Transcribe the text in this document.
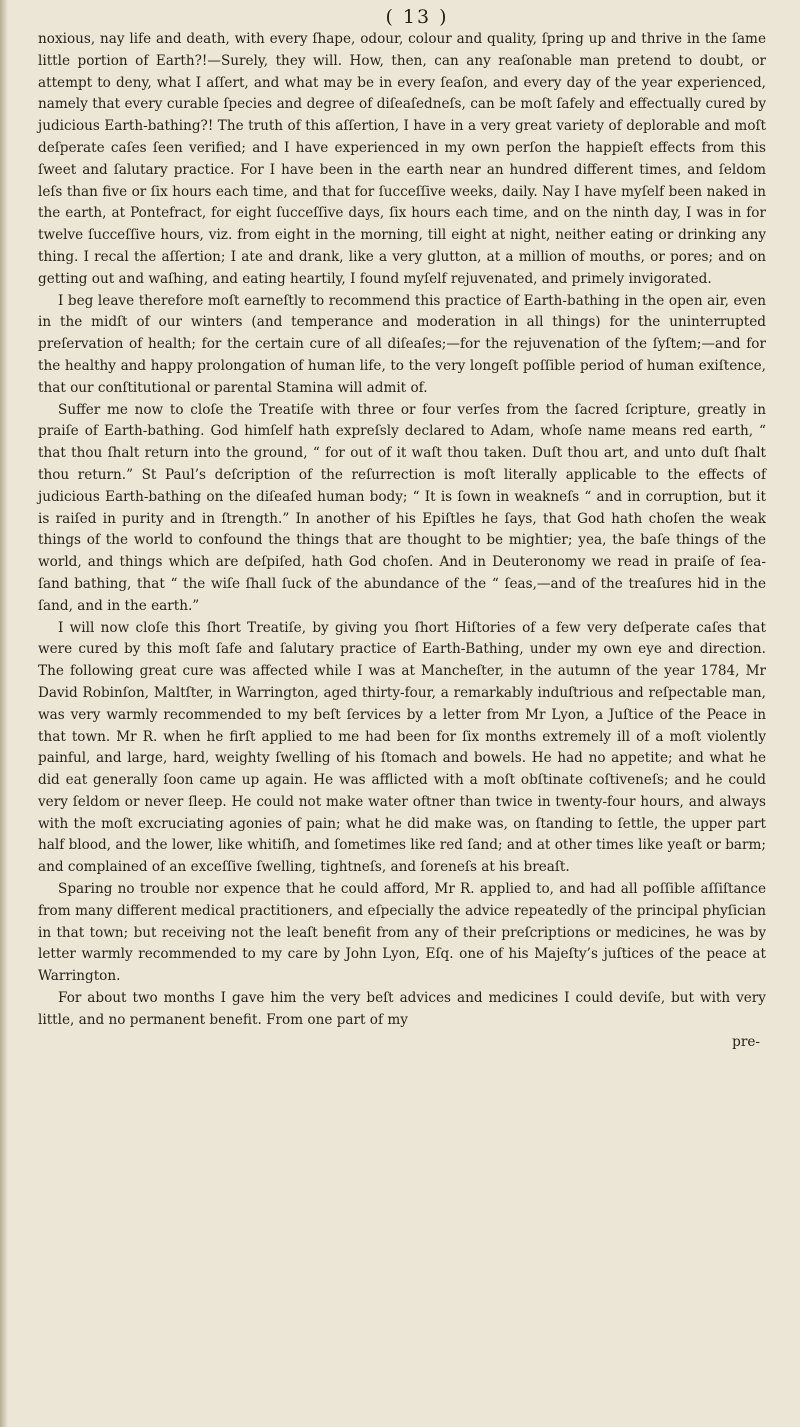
( 13 )

noxious, nay life and death, with every ſhape, odour, colour and quality, ſpring up and thrive in the ſame little portion of Earth?!—Surely, they will. How, then, can any reaſonable man pretend to doubt, or attempt to deny, what I aſſert, and what may be in every ſeaſon, and every day of the year experienced, namely that every curable ſpecies and degree of diſeaſedneſs, can be moſt ſafely and effectually cured by judicious Earth-bathing?! The truth of this aſſertion, I have in a very great variety of deplorable and moſt deſperate caſes ſeen verified; and I have experienced in my own perſon the happieſt effects from this ſweet and ſalutary practice. For I have been in the earth near an hundred different times, and ſeldom leſs than five or ſix hours each time, and that for ſucceſſive weeks, daily. Nay I have myſelf been naked in the earth, at Pontefract, for eight ſucceſſive days, ſix hours each time, and on the ninth day, I was in for twelve ſucceſſive hours, viz. from eight in the morning, till eight at night, neither eating or drinking any thing. I recal the aſſertion; I ate and drank, like a very glutton, at a million of mouths, or pores; and on getting out and waſhing, and eating heartily, I found myſelf rejuvenated, and primely invigorated.

I beg leave therefore moſt earneſtly to recommend this practice of Earth-bathing in the open air, even in the midſt of our winters (and temperance and moderation in all things) for the uninterrupted preſervation of health; for the certain cure of all diſeaſes;—for the rejuvenation of the ſyſtem;—and for the healthy and happy prolongation of human life, to the very longeſt poſſible period of human exiſtence, that our conſtitutional or parental Stamina will admit of.

Suffer me now to cloſe the Treatiſe with three or four verſes from the ſacred ſcripture, greatly in praiſe of Earth-bathing. God himſelf hath expreſsly declared to Adam, whoſe name means red earth, “ that thou ſhalt return into the ground, “ for out of it waſt thou taken. Duſt thou art, and unto duſt ſhalt thou return.” St Paul’s deſcription of the reſurrection is moſt literally applicable to the effects of judicious Earth-bathing on the diſeaſed human body; “ It is ſown in weakneſs “ and in corruption, but it is raiſed in purity and in ſtrength.” In another of his Epiſtles he ſays, that God hath choſen the weak things of the world to confound the things that are thought to be mightier; yea, the baſe things of the world, and things which are deſpiſed, hath God choſen. And in Deuteronomy we read in praiſe of ſea-ſand bathing, that “ the wiſe ſhall ſuck of the abundance of the “ ſeas,—and of the treaſures hid in the ſand, and in the earth.”

I will now cloſe this ſhort Treatiſe, by giving you ſhort Hiſtories of a few very deſperate caſes that were cured by this moſt ſafe and ſalutary practice of Earth-Bathing, under my own eye and direction. The following great cure was affected while I was at Mancheſter, in the autumn of the year 1784, Mr David Robinſon, Maltſter, in Warrington, aged thirty-four, a remarkably induſtrious and reſpectable man, was very warmly recommended to my beſt ſervices by a letter from Mr Lyon, a Juſtice of the Peace in that town. Mr R. when he firſt applied to me had been for ſix months extremely ill of a moſt violently painful, and large, hard, weighty ſwelling of his ſtomach and bowels. He had no appetite; and what he did eat generally ſoon came up again. He was afflicted with a moſt obſtinate coſtiveneſs; and he could very ſeldom or never ſleep. He could not make water oftner than twice in twenty-four hours, and always with the moſt excruciating agonies of pain; what he did make was, on ſtanding to ſettle, the upper part half blood, and the lower, like whitiſh, and ſometimes like red ſand; and at other times like yeaſt or barm; and complained of an exceſſive ſwelling, tightneſs, and ſoreneſs at his breaſt.

Sparing no trouble nor expence that he could afford, Mr R. applied to, and had all poſſible aſſiſtance from many different medical practitioners, and eſpecially the advice repeatedly of the principal phyſician in that town; but receiving not the leaſt benefit from any of their preſcriptions or medicines, he was by letter warmly recommended to my care by John Lyon, Eſq. one of his Majeſty’s juſtices of the peace at Warrington.

For about two months I gave him the very beſt advices and medicines I could deviſe, but with very little, and no permanent benefit. From one part of my

pre-
